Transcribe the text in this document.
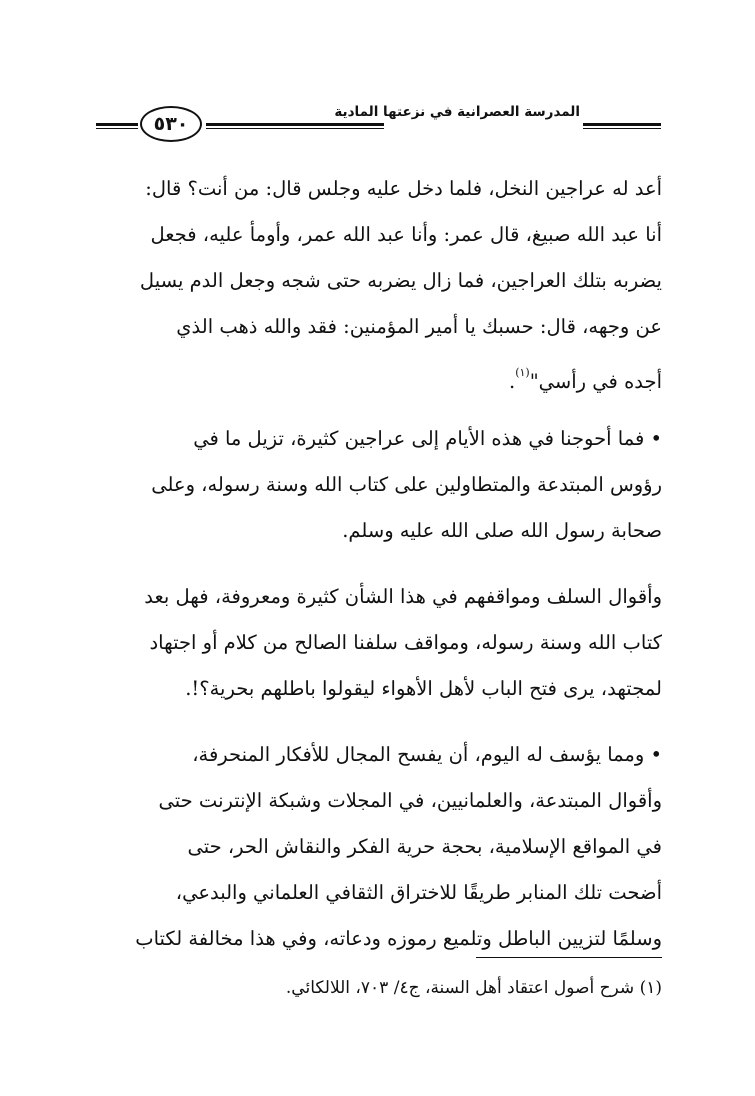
٥٣٠
المدرسة العصرانية في نزعتها المادية
أعد له عراجين النخل، فلما دخل عليه وجلس قال: من أنت؟ قال:
أنا عبد الله صبيغ، قال عمر: وأنا عبد الله عمر، وأومأ عليه، فجعل
يضربه بتلك العراجين، فما زال يضربه حتى شجه وجعل الدم يسيل
عن وجهه، قال: حسبك يا أمير المؤمنين: فقد والله ذهب الذي
أجده في رأسي"$^{(١)}$.
• فما أحوجنا في هذه الأيام إلى عراجين كثيرة، تزيل ما في
رؤوس المبتدعة والمتطاولين على كتاب الله وسنة رسوله، وعلى
صحابة رسول الله صلى الله عليه وسلم.
وأقوال السلف ومواقفهم في هذا الشأن كثيرة ومعروفة، فهل بعد
كتاب الله وسنة رسوله، ومواقف سلفنا الصالح من كلام أو اجتهاد
لمجتهد، يرى فتح الباب لأهل الأهواء ليقولوا باطلهم بحرية؟!.
• ومما يؤسف له اليوم، أن يفسح المجال للأفكار المنحرفة،
وأقوال المبتدعة، والعلمانيين، في المجلات وشبكة الإنترنت حتى
في المواقع الإسلامية، بحجة حرية الفكر والنقاش الحر، حتى
أضحت تلك المنابر طريقًا للاختراق الثقافي العلماني والبدعي،
وسلمًا لتزيين الباطل وتلميع رموزه ودعاته، وفي هذا مخالفة لكتاب
(١) شرح أصول اعتقاد أهل السنة، ج٤/ ٧٠٣، اللالكائي.
